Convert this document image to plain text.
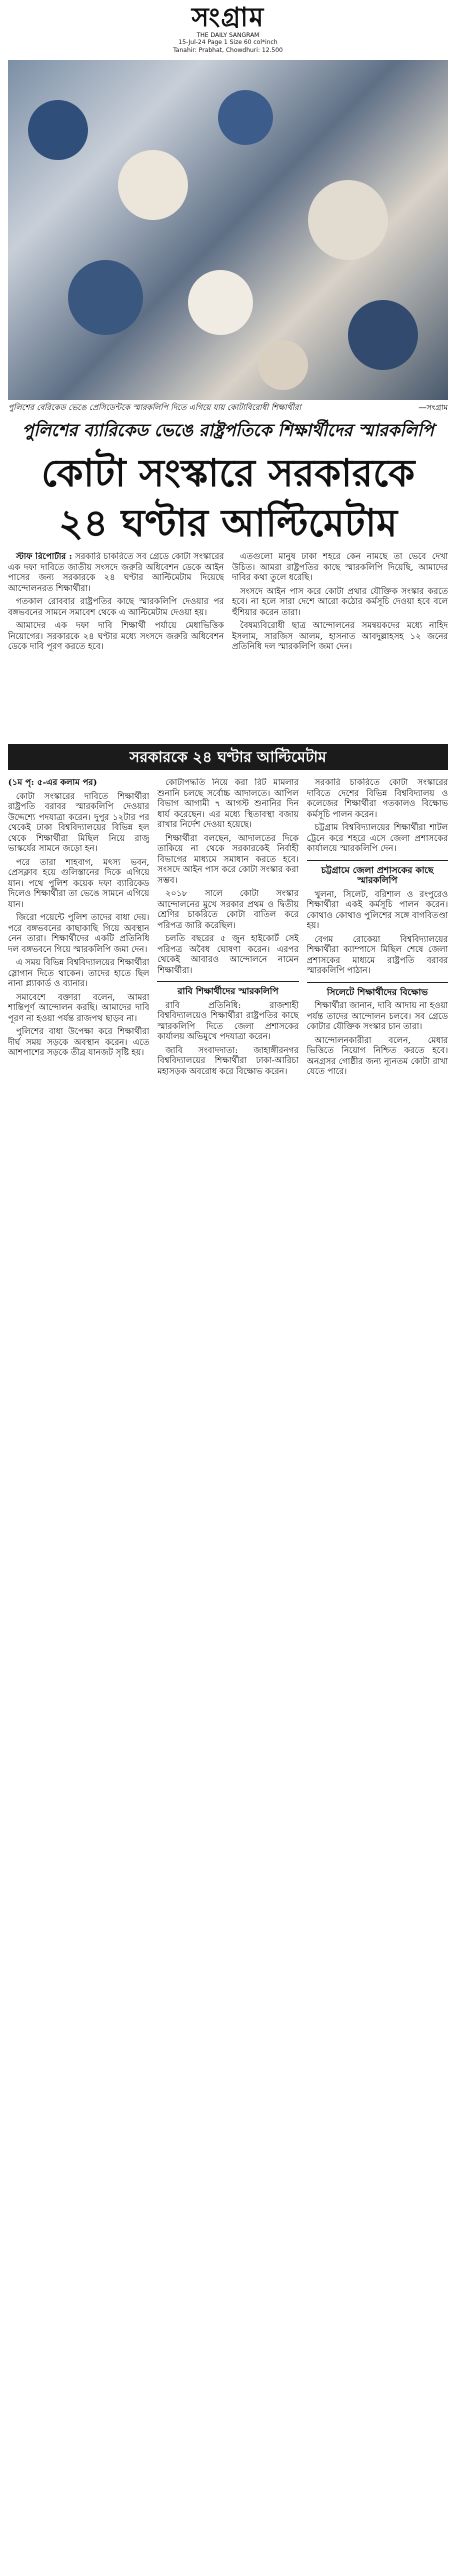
সংগ্রাম
THE DAILY SANGRAM
15-Jul-24 Page 1 Size 60 col*inch
Tanahir: Prabhat, Chowdhuri: 12.500
পুলিশের বেরিকেড ভেঙে প্রেসিডেন্টকে স্মারকলিপি দিতে এগিয়ে যায় কোটাবিরোধী শিক্ষার্থীরা	—সংগ্রাম
পুলিশের ব্যারিকেড ভেঙে রাষ্ট্রপতিকে শিক্ষার্থীদের স্মারকলিপি
কোটা সংস্কারে সরকারকে
২৪ ঘণ্টার আল্টিমেটাম

স্টাফ রিপোর্টার : সরকারি চাকরিতে সব গ্রেডে কোটা সংস্কারের এক দফা দাবিতে জাতীয় সংসদে জরুরি অধিবেশন ডেকে আইন পাসের জন্য সরকারকে ২৪ ঘণ্টার আল্টিমেটাম দিয়েছে আন্দোলনরত শিক্ষার্থীরা।

গতকাল রোববার রাষ্ট্রপতির কাছে স্মারকলিপি দেওয়ার পর বঙ্গভবনের সামনে সমাবেশ থেকে এ আল্টিমেটাম দেওয়া হয়।

আমাদের এক দফা দাবি শিক্ষার্থী পর্যায়ে মেধাভিত্তিক নিয়োগের। সরকারকে ২৪ ঘণ্টার মধ্যে সংসদে জরুরি অধিবেশন ডেকে দাবি পূরণ করতে হবে।

এতগুলো মানুষ ঢাকা শহরে কেন নামছে তা ভেবে দেখা উচিত। আমরা রাষ্ট্রপতির কাছে স্মারকলিপি দিয়েছি, আমাদের দাবির কথা তুলে ধরেছি।

সংসদে আইন পাস করে কোটা প্রথার যৌক্তিক সংস্কার করতে হবে। না হলে সারা দেশে আরো কঠোর কর্মসূচি দেওয়া হবে বলে হুঁশিয়ার করেন তারা।

বৈষম্যবিরোধী ছাত্র আন্দোলনের সমন্বয়কদের মধ্যে নাহিদ ইসলাম, সারজিস আলম, হাসনাত আবদুল্লাহসহ ১২ জনের প্রতিনিধি দল স্মারকলিপি জমা দেন।

সরকারকে ২৪ ঘণ্টার আল্টিমেটাম

(১ম পৃ: ৫-এর কলাম পর)

কোটা সংস্কারের দাবিতে শিক্ষার্থীরা রাষ্ট্রপতি বরাবর স্মারকলিপি দেওয়ার উদ্দেশ্যে পদযাত্রা করেন। দুপুর ১২টার পর থেকেই ঢাকা বিশ্ববিদ্যালয়ের বিভিন্ন হল থেকে শিক্ষার্থীরা মিছিল নিয়ে রাজু ভাস্কর্যের সামনে জড়ো হন।

পরে তারা শাহবাগ, মৎস্য ভবন, প্রেসক্লাব হয়ে গুলিস্তানের দিকে এগিয়ে যান। পথে পুলিশ কয়েক দফা ব্যারিকেড দিলেও শিক্ষার্থীরা তা ভেঙে সামনে এগিয়ে যান।

জিরো পয়েন্টে পুলিশ তাদের বাধা দেয়। পরে বঙ্গভবনের কাছাকাছি গিয়ে অবস্থান নেন তারা। শিক্ষার্থীদের একটি প্রতিনিধি দল বঙ্গভবনে গিয়ে স্মারকলিপি জমা দেন।

এ সময় বিভিন্ন বিশ্ববিদ্যালয়ের শিক্ষার্থীরা স্লোগান দিতে থাকেন। তাদের হাতে ছিল নানা প্ল্যাকার্ড ও ব্যানার।

সমাবেশে বক্তারা বলেন, আমরা শান্তিপূর্ণ আন্দোলন করছি। আমাদের দাবি পূরণ না হওয়া পর্যন্ত রাজপথ ছাড়ব না।

পুলিশের বাধা উপেক্ষা করে শিক্ষার্থীরা দীর্ঘ সময় সড়কে অবস্থান করেন। এতে আশপাশের সড়কে তীব্র যানজট সৃষ্টি হয়।

কোটাপদ্ধতি নিয়ে করা রিট মামলার শুনানি চলছে সর্বোচ্চ আদালতে। আপিল বিভাগ আগামী ৭ আগস্ট শুনানির দিন ধার্য করেছেন। এর মধ্যে স্থিতাবস্থা বজায় রাখার নির্দেশ দেওয়া হয়েছে।

শিক্ষার্থীরা বলছেন, আদালতের দিকে তাকিয়ে না থেকে সরকারকেই নির্বাহী বিভাগের মাধ্যমে সমাধান করতে হবে। সংসদে আইন পাস করে কোটা সংস্কার করা সম্ভব।

২০১৮ সালে কোটা সংস্কার আন্দোলনের মুখে সরকার প্রথম ও দ্বিতীয় শ্রেণির চাকরিতে কোটা বাতিল করে পরিপত্র জারি করেছিল।

চলতি বছরের ৫ জুন হাইকোর্ট সেই পরিপত্র অবৈধ ঘোষণা করেন। এরপর থেকেই আবারও আন্দোলনে নামেন শিক্ষার্থীরা।

রাবি শিক্ষার্থীদের স্মারকলিপি

রাবি প্রতিনিধি: রাজশাহী বিশ্ববিদ্যালয়েও শিক্ষার্থীরা রাষ্ট্রপতির কাছে স্মারকলিপি দিতে জেলা প্রশাসকের কার্যালয় অভিমুখে পদযাত্রা করেন।

জাবি সংবাদদাতা: জাহাঙ্গীরনগর বিশ্ববিদ্যালয়ের শিক্ষার্থীরা ঢাকা-আরিচা মহাসড়ক অবরোধ করে বিক্ষোভ করেন।

সরকারি চাকরিতে কোটা সংস্কারের দাবিতে দেশের বিভিন্ন বিশ্ববিদ্যালয় ও কলেজের শিক্ষার্থীরা গতকালও বিক্ষোভ কর্মসূচি পালন করেন।

চট্টগ্রাম বিশ্ববিদ্যালয়ের শিক্ষার্থীরা শাটল ট্রেনে করে শহরে এসে জেলা প্রশাসকের কার্যালয়ে স্মারকলিপি দেন।

চট্টগ্রামে জেলা প্রশাসকের কাছে স্মারকলিপি

খুলনা, সিলেট, বরিশাল ও রংপুরেও শিক্ষার্থীরা একই কর্মসূচি পালন করেন। কোথাও কোথাও পুলিশের সঙ্গে বাগবিতণ্ডা হয়।

বেগম রোকেয়া বিশ্ববিদ্যালয়ের শিক্ষার্থীরা ক্যাম্পাসে মিছিল শেষে জেলা প্রশাসকের মাধ্যমে রাষ্ট্রপতি বরাবর স্মারকলিপি পাঠান।

সিলেটে শিক্ষার্থীদের বিক্ষোভ

শিক্ষার্থীরা জানান, দাবি আদায় না হওয়া পর্যন্ত তাদের আন্দোলন চলবে। সব গ্রেডে কোটার যৌক্তিক সংস্কার চান তারা।

আন্দোলনকারীরা বলেন, মেধার ভিত্তিতে নিয়োগ নিশ্চিত করতে হবে। অনগ্রসর গোষ্ঠীর জন্য ন্যূনতম কোটা রাখা যেতে পারে।
